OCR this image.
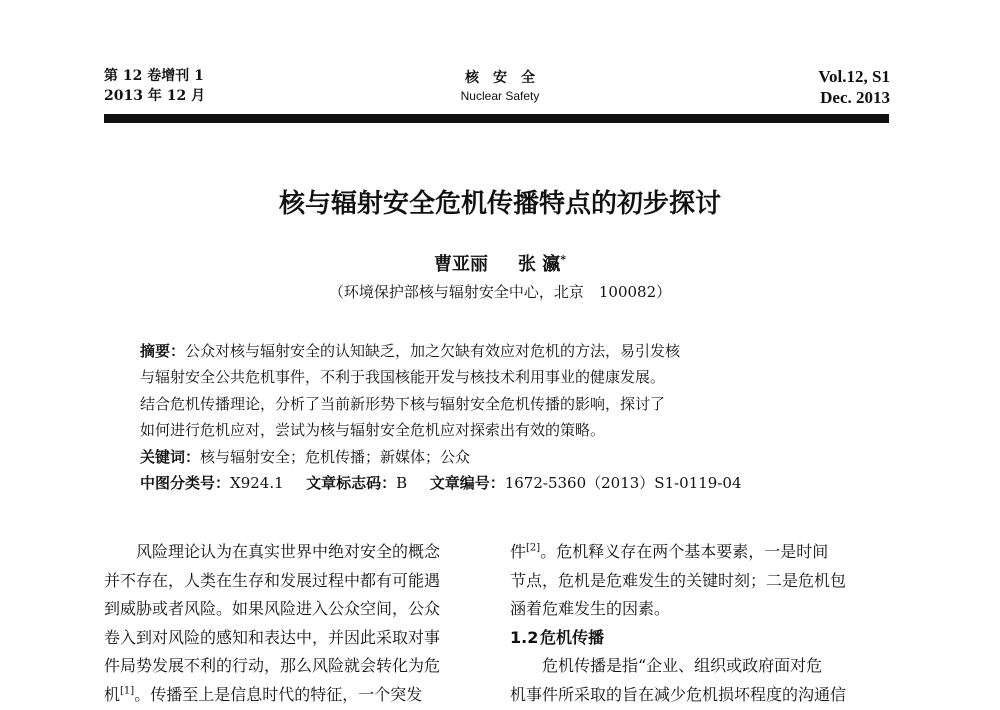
第 12 卷增刊 1
2013 年 12 月
核安全
Nuclear Safety
Vol.12, S1
Dec. 2013
核与辐射安全危机传播特点的初步探讨
曹亚丽 张 瀛*
（环境保护部核与辐射安全中心，北京　100082）
摘要：公众对核与辐射安全的认知缺乏，加之欠缺有效应对危机的方法，易引发核
与辐射安全公共危机事件，不利于我国核能开发与核技术利用事业的健康发展。
结合危机传播理论，分析了当前新形势下核与辐射安全危机传播的影响，探讨了
如何进行危机应对，尝试为核与辐射安全危机应对探索出有效的策略。
关键词：核与辐射安全；危机传播；新媒体；公众
中图分类号：X924.1   文章标志码：B   文章编号：1672-5360（2013）S1-0119-04
风险理论认为在真实世界中绝对安全的概念
并不存在，人类在生存和发展过程中都有可能遇
到威胁或者风险。如果风险进入公众空间，公众
卷入到对风险的感知和表达中，并因此采取对事
件局势发展不利的行动，那么风险就会转化为危
机[1]。传播至上是信息时代的特征，一个突发
件[2]。危机释义存在两个基本要素，一是时间
节点，危机是危难发生的关键时刻；二是危机包
涵着危难发生的因素。
1.2 危机传播
危机传播是指“企业、组织或政府面对危
机事件所采取的旨在减少危机损坏程度的沟通信
